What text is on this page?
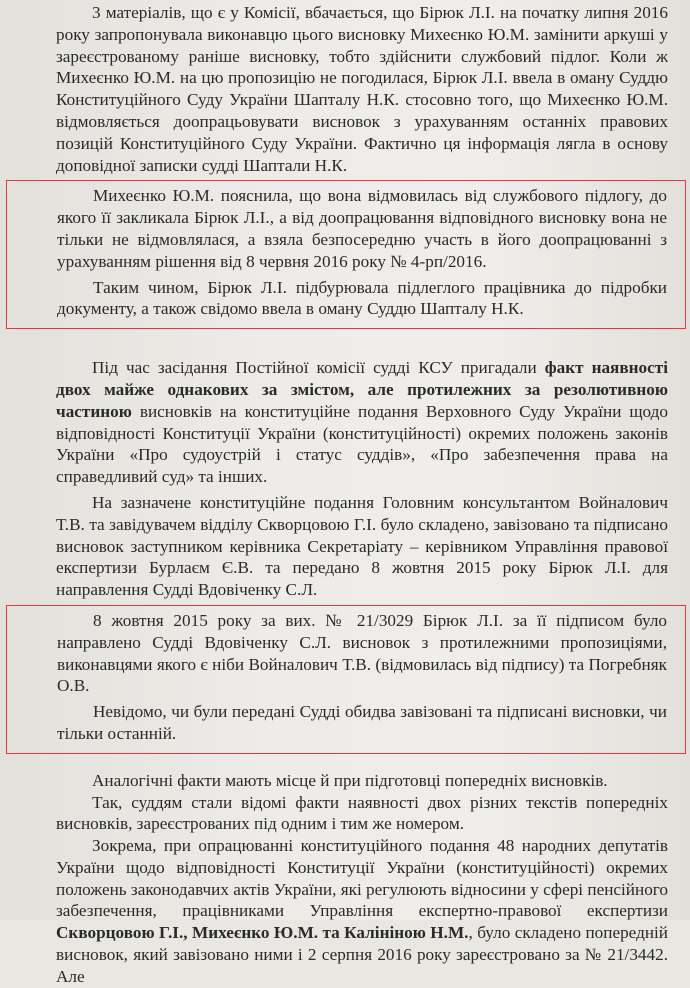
3 матеріалів, що є у Комісії, вбачається, що Бірюк Л.І. на початку липня 2016 року запропонувала виконавцю цього висновку Михеєнко Ю.М. замінити аркуші у зареєстрованому раніше висновку, тобто здійснити службовий підлог. Коли ж Михеєнко Ю.М. на цю пропозицію не погодилася, Бірюк Л.І. ввела в оману Суддю Конституційного Суду України Шапталу Н.К. стосовно того, що Михеєнко Ю.М. відмовляється доопрацьовувати висновок з урахуванням останніх правових позицій Конституційного Суду України. Фактично ця інформація лягла в основу доповідної записки судді Шаптали Н.К.

Михеєнко Ю.М. пояснила, що вона відмовилась від службового підлогу, до якого її закликала Бірюк Л.І., а від доопрацювання відповідного висновку вона не тільки не відмовлялася, а взяла безпосередню участь в його доопрацюванні з урахуванням рішення від 8 червня 2016 року № 4-рп/2016.

Таким чином, Бірюк Л.І. підбурювала підлеглого працівника до підробки документу, а також свідомо ввела в оману Суддю Шапталу Н.К.

Під час засідання Постійної комісії судді КСУ пригадали факт наявності двох майже однакових за змістом, але протилежних за резолютивною частиною висновків на конституційне подання Верховного Суду України щодо відповідності Конституції України (конституційності) окремих положень законів України «Про судоустрій і статус суддів», «Про забезпечення права на справедливий суд» та інших.

На зазначене конституційне подання Головним консультантом Войналович Т.В. та завідувачем відділу Скворцовою Г.І. було складено, завізовано та підписано висновок заступником керівника Секретаріату – керівником Управління правової експертизи Бурлаєм Є.В. та передано 8 жовтня 2015 року Бірюк Л.І. для направлення Судді Вдовіченку С.Л.

8 жовтня 2015 року за вих. № 21/3029 Бірюк Л.І. за її підписом було направлено Судді Вдовіченку С.Л. висновок з протилежними пропозиціями, виконавцями якого є ніби Войналович Т.В. (відмовилась від підпису) та Погребняк О.В.

Невідомо, чи були передані Судді обидва завізовані та підписані висновки, чи тільки останній.

Аналогічні факти мають місце й при підготовці попередніх висновків.

Так, суддям стали відомі факти наявності двох різних текстів попередніх висновків, зареєстрованих під одним і тим же номером.

Зокрема, при опрацюванні конституційного подання 48 народних депутатів України щодо відповідності Конституції України (конституційності) окремих положень законодавчих актів України, які регулюють відносини у сфері пенсійного забезпечення, працівниками Управління експертно-правової експертизи Скворцовою Г.І., Михеєнко Ю.М. та Калініною Н.М., було складено попередній висновок, який завізовано ними і 2 серпня 2016 року зареєстровано за № 21/3442. Але
